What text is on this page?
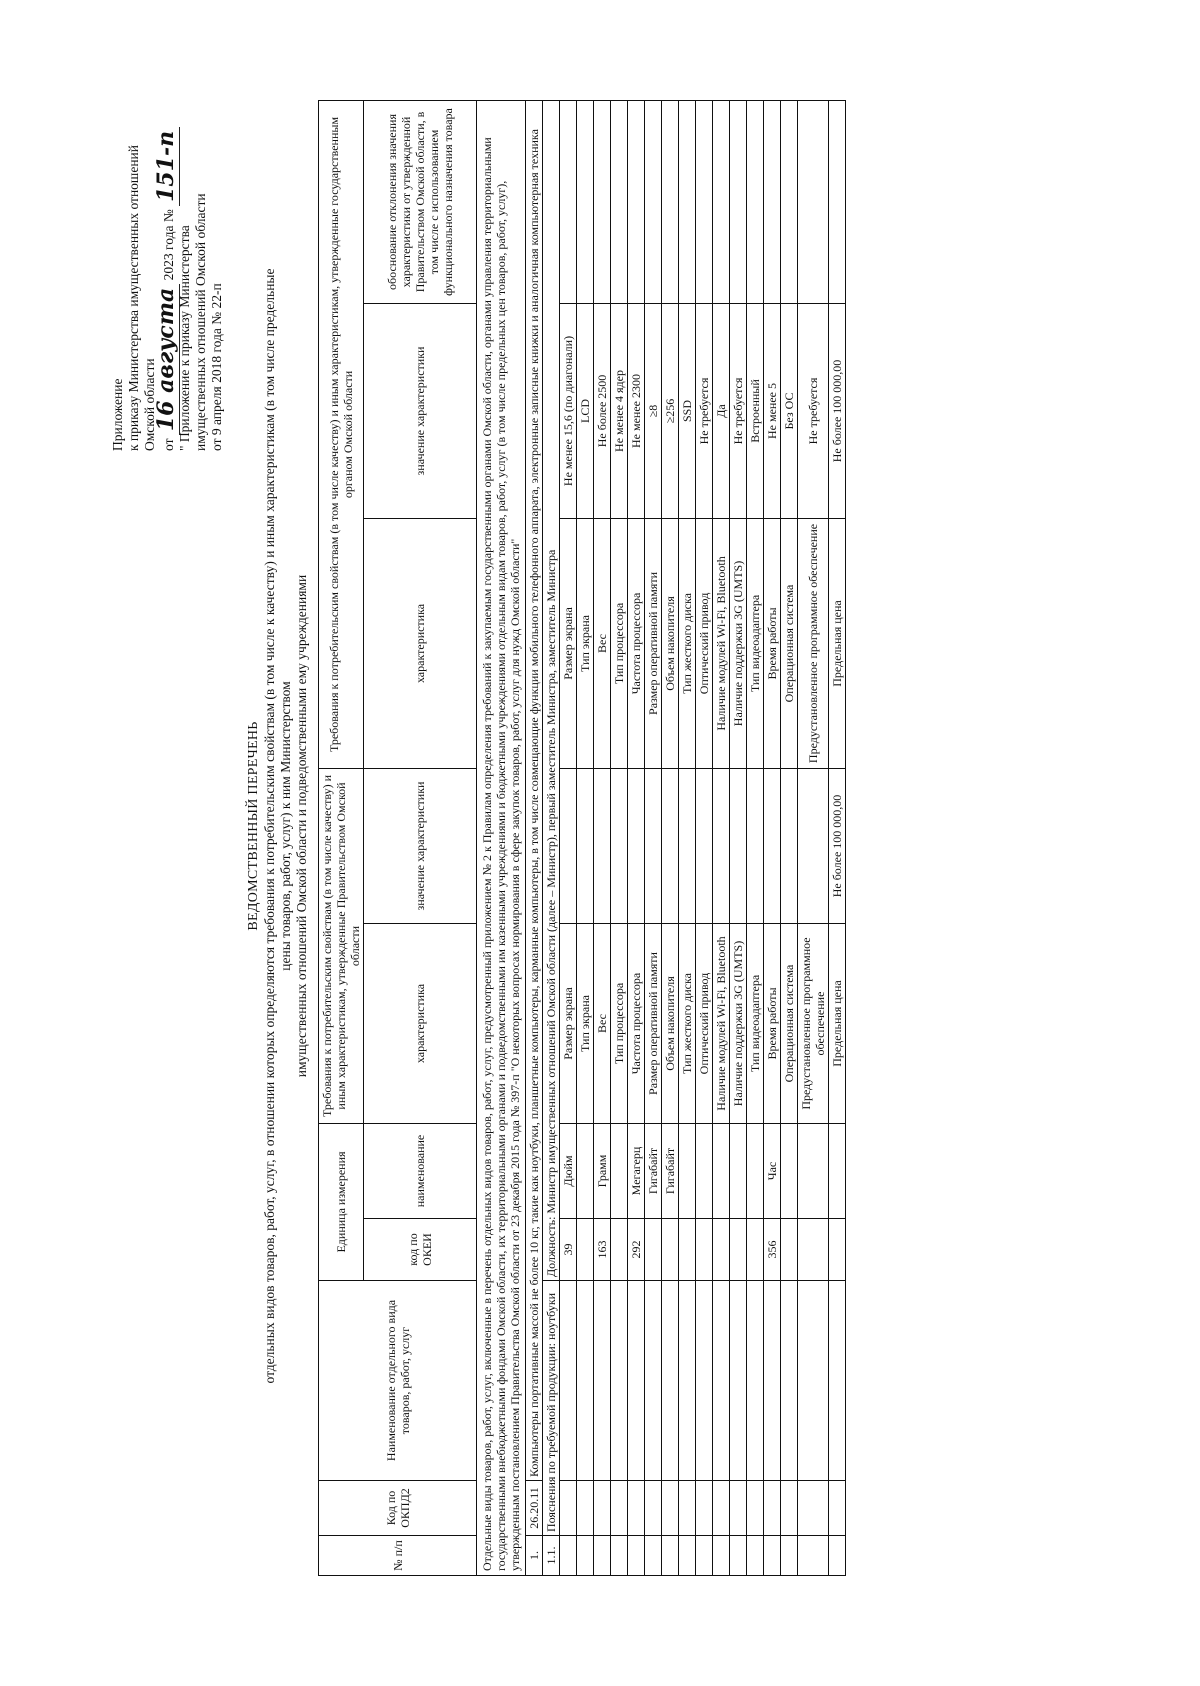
Приложение к приказу Министерства имущественных отношений Омской области от 16 августа 2023 года № 151-п
" Приложение к приказу Министерства имущественных отношений Омской области от 9 апреля 2018 года № 22-п
ВЕДОМСТВЕННЫЙ ПЕРЕЧЕНЬ отдельных видов товаров, работ, услуг, в отношении которых определяются требования к потребительским свойствам (в том числе к качеству) и иным характеристикам (в том числе предельные цены товаров, работ, услуг) к ним Министерством имущественных отношений Омской области и подведомственными ему учреждениями
№ п/п	Код по ОКПД2	Наименование отдельного вида товаров, работ, услуг	Единица измерения		Требования к потребительским свойствам (в том числе качеству) и иным характеристикам, утвержденные Правительством Омской области		Требования к потребительским свойствам (в том числе качеству) и иным характеристикам, утвержденные государственным органом Омской области		
			код по ОКЕИ	наименование	характеристика	значение характеристики	характеристика	значение характеристики	обоснование отклонения значения характеристики от утвержденной Правительством Омской области, в том числе с использованием функционального назначения товара
Отдельные виды товаров, работ, услуг, включенные в перечень отдельных видов товаров, работ, услуг, предусмотренный приложением № 2 к Правилам определения требований к закупаемым государственными органами Омской области, органами управления территориальными государственными внебюджетными фондами Омской области, их территориальными органами и подведомственными им казенными учреждениями и бюджетными учреждениями отдельным видам товаров, работ, услуг (в том числе предельных цен товаров, работ, услуг), утвержденным постановлением Правительства Омской области от 23 декабря 2015 года № 397-п "О некоторых вопросах нормирования в сфере закупок товаров, работ, услуг для нужд Омской области"									
1.	26.20.11	Компьютеры портативные массой не более 10 кг, такие как ноутбуки, планшетные компьютеры, карманные компьютеры, в том числе совмещающие функции мобильного телефонного аппарата, электронные записные книжки и аналогичная компьютерная техника							
1.1.	Пояснения по требуемой продукции: ноутбуки		Должность: Министр имущественных отношений Омской области (далее – Министр), первый заместитель Министра, заместитель Министра						
			39	Дюйм	Размер экрана		Размер экрана	Не менее 15,6 (по диагонали)	
					Тип экрана		Тип экрана	LCD	
			163	Грамм	Вес		Вес	Не более 2500	
					Тип процессора		Тип процессора	Не менее 4 ядер	
			292	Мегагерц	Частота процессора		Частота процессора	Не менее 2300	
				Гигабайт	Размер оперативной памяти		Размер оперативной памяти	≥8	
				Гигабайт	Объем накопителя		Объем накопителя	≥256	
					Тип жесткого диска		Тип жесткого диска	SSD	
					Оптический привод		Оптический привод	Не требуется	
					Наличие модулей Wi-Fi, Bluetooth		Наличие модулей Wi-Fi, Bluetooth	Да	
					Наличие поддержки 3G (UMTS)		Наличие поддержки 3G (UMTS)	Не требуется	
					Тип видеоадаптера		Тип видеоадаптера	Встроенный	
			356	Час	Время работы		Время работы	Не менее 5	
					Операционная система		Операционная система	Без ОС	
					Предустановленное программное обеспечение		Предустановленное программное обеспечение	Не требуется	
					Предельная цена	Не более 100 000,00	Предельная цена	Не более 100 000,00	
